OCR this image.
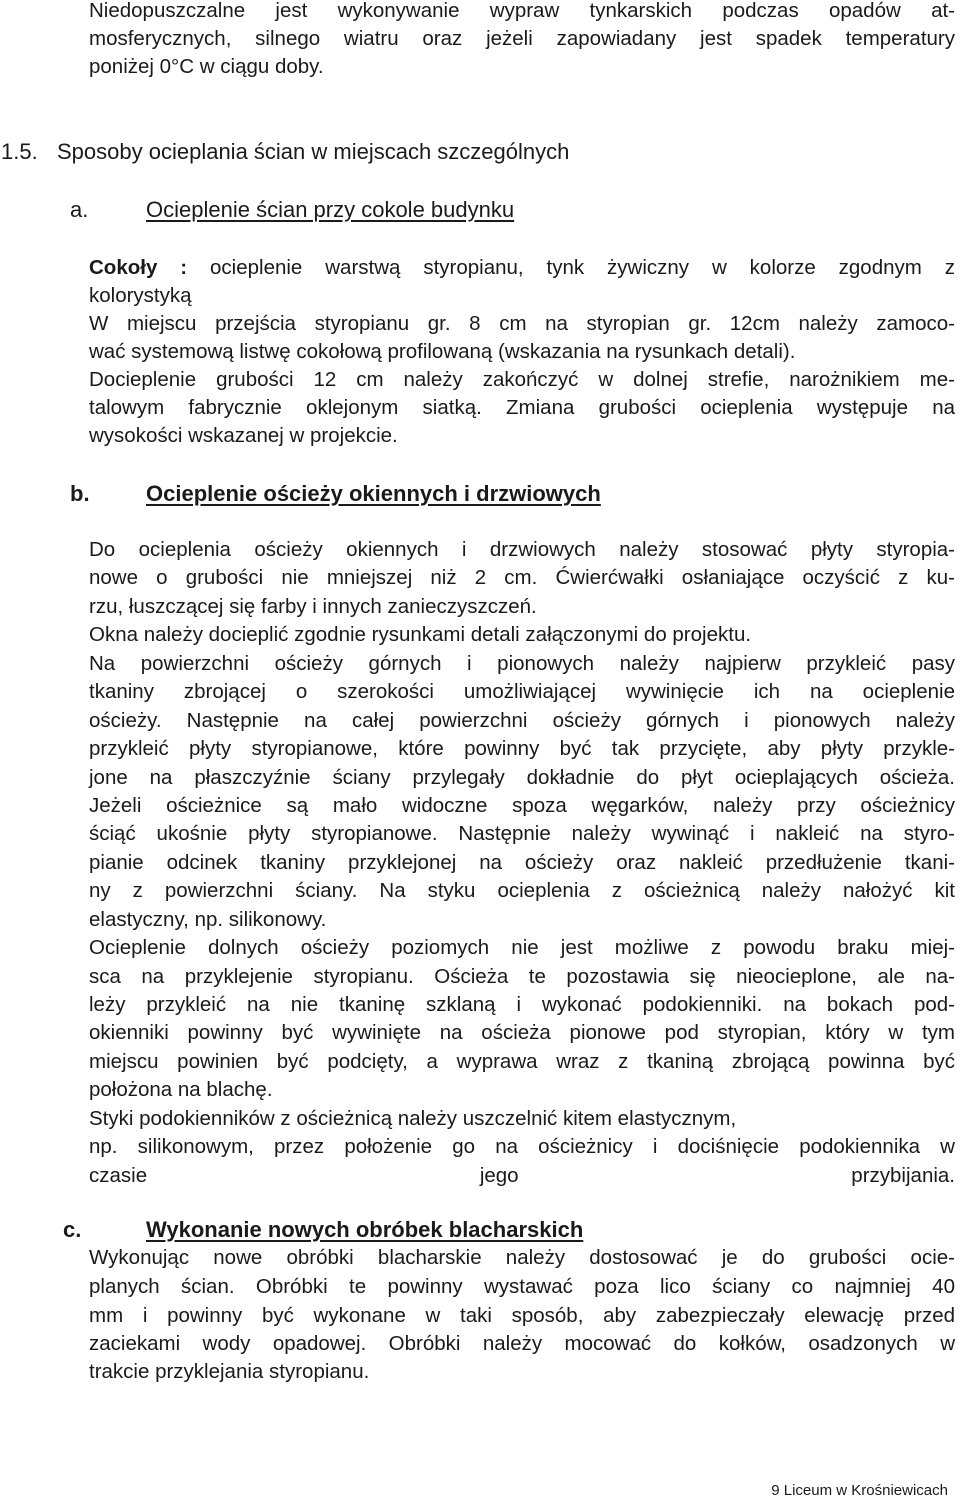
Niedopuszczalne jest wykonywanie wypraw tynkarskich podczas opadów at-

mosferycznych, silnego wiatru oraz jeżeli zapowiadany jest spadek temperatury

poniżej 0°C w ciągu doby.

1.5. Sposoby ocieplania ścian w miejscach szczególnych

a.	Ocieplenie ścian przy cokole budynku

Cokoły : ocieplenie warstwą styropianu, tynk żywiczny w kolorze zgodnym z

kolorystyką

W miejscu przejścia styropianu gr. 8 cm na styropian gr. 12cm należy zamoco-

wać systemową listwę cokołową profilowaną (wskazania na rysunkach detali).

Docieplenie grubości 12 cm należy zakończyć w dolnej strefie, narożnikiem me-

talowym fabrycznie oklejonym siatką. Zmiana grubości ocieplenia występuje na

wysokości wskazanej w projekcie.

b.	Ocieplenie ościeży okiennych i drzwiowych

Do ocieplenia ościeży okiennych i drzwiowych należy stosować płyty styropia-

nowe o grubości nie mniejszej niż 2 cm. Ćwierćwałki osłaniające oczyścić z ku-

rzu, łuszczącej się farby i innych zanieczyszczeń.

Okna należy docieplić zgodnie rysunkami detali załączonymi do projektu.

Na powierzchni ościeży górnych i pionowych należy najpierw przykleić pasy

tkaniny zbrojącej o szerokości umożliwiającej wywinięcie ich na ocieplenie

ościeży. Następnie na całej powierzchni ościeży górnych i pionowych należy

przykleić płyty styropianowe, które powinny być tak przycięte, aby płyty przykle-

jone na płaszczyźnie ściany przylegały dokładnie do płyt ocieplających ościeża.

Jeżeli ościeżnice są mało widoczne spoza węgarków, należy przy ościeżnicy

ściąć ukośnie płyty styropianowe. Następnie należy wywinąć i nakleić na styro-

pianie odcinek tkaniny przyklejonej na ościeży oraz nakleić przedłużenie tkani-

ny z powierzchni ściany. Na styku ocieplenia z ościeżnicą należy nałożyć kit

elastyczny, np. silikonowy.

Ocieplenie dolnych ościeży poziomych nie jest możliwe z powodu braku miej-

sca na przyklejenie styropianu. Ościeża te pozostawia się nieocieplone, ale na-

leży przykleić na nie tkaninę szklaną i wykonać podokienniki. na bokach pod-

okienniki powinny być wywinięte na ościeża pionowe pod styropian, który w tym

miejscu powinien być podcięty, a wyprawa wraz z tkaniną zbrojącą powinna być

położona na blachę.

Styki podokienników z ościeżnicą należy uszczelnić kitem elastycznym,

np. silikonowym, przez położenie go na ościeżnicy i dociśnięcie podokiennika w

czasie jego przybijania.

c.	Wykonanie nowych obróbek blacharskich

Wykonując nowe obróbki blacharskie należy dostosować je do grubości ocie-

planych ścian. Obróbki te powinny wystawać poza lico ściany co najmniej 40

mm i powinny być wykonane w taki sposób, aby zabezpieczały elewację przed

zaciekami wody opadowej. Obróbki należy mocować do kołków, osadzonych w

trakcie przyklejania styropianu.

9 Liceum w Krośniewicach
